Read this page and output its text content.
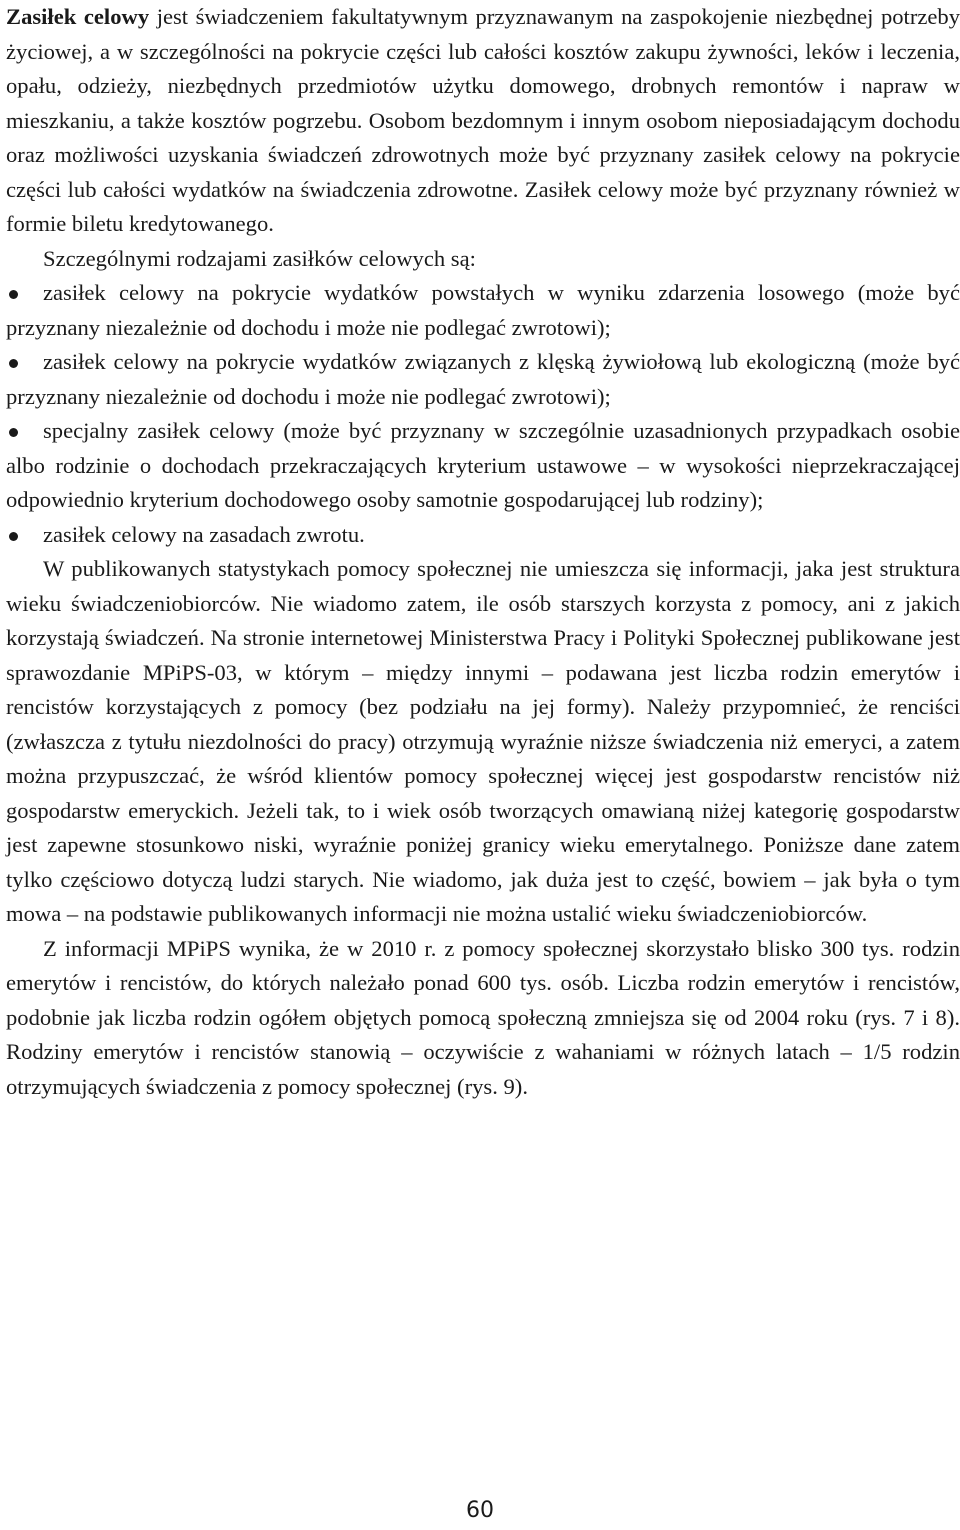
Zasiłek celowy jest świadczeniem fakultatywnym przyznawanym na zaspokojenie niezbędnej potrzeby życiowej, a w szczególności na pokrycie części lub całości kosztów zakupu żywności, leków i leczenia, opału, odzieży, niezbędnych przedmiotów użytku domowego, drobnych remontów i napraw w mieszkaniu, a także kosztów pogrzebu. Osobom bezdomnym i innym osobom nieposiadającym dochodu oraz możliwości uzyskania świadczeń zdrowotnych może być przyznany zasiłek celowy na pokrycie części lub całości wydatków na świadczenia zdrowotne. Zasiłek celowy może być przyznany również w formie biletu kredytowanego.

Szczególnymi rodzajami zasiłków celowych są:

zasiłek celowy na pokrycie wydatków powstałych w wyniku zdarzenia losowego (może być przyznany niezależnie od dochodu i może nie podlegać zwrotowi);
zasiłek celowy na pokrycie wydatków związanych z klęską żywiołową lub ekologiczną (może być przyznany niezależnie od dochodu i może nie podlegać zwrotowi);
specjalny zasiłek celowy (może być przyznany w szczególnie uzasadnionych przypadkach osobie albo rodzinie o dochodach przekraczających kryterium ustawowe – w wysokości nieprzekraczającej odpowiednio kryterium dochodowego osoby samotnie gospodarującej lub rodziny);
zasiłek celowy na zasadach zwrotu.

W publikowanych statystykach pomocy społecznej nie umieszcza się informacji, jaka jest struktura wieku świadczeniobiorców. Nie wiadomo zatem, ile osób starszych korzysta z pomocy, ani z jakich korzystają świadczeń. Na stronie internetowej Ministerstwa Pracy i Polityki Społecznej publikowane jest sprawozdanie MPiPS-03, w którym – między innymi – podawana jest liczba rodzin emerytów i rencistów korzystających z pomocy (bez podziału na jej formy). Należy przypomnieć, że renciści (zwłaszcza z tytułu niezdolności do pracy) otrzymują wyraźnie niższe świadczenia niż emeryci, a zatem można przypuszczać, że wśród klientów pomocy społecznej więcej jest gospodarstw rencistów niż gospodarstw emeryckich. Jeżeli tak, to i wiek osób tworzących omawianą niżej kategorię gospodarstw jest zapewne stosunkowo niski, wyraźnie poniżej granicy wieku emerytalnego. Poniższe dane zatem tylko częściowo dotyczą ludzi starych. Nie wiadomo, jak duża jest to część, bowiem – jak była o tym mowa – na podstawie publikowanych informacji nie można ustalić wieku świadczeniobiorców.

Z informacji MPiPS wynika, że w 2010 r. z pomocy społecznej skorzystało blisko 300 tys. rodzin emerytów i rencistów, do których należało ponad 600 tys. osób. Liczba rodzin emerytów i rencistów, podobnie jak liczba rodzin ogółem objętych pomocą społeczną zmniejsza się od 2004 roku (rys. 7 i 8). Rodziny emerytów i rencistów stanowią – oczywiście z wahaniami w różnych latach – 1/5 rodzin otrzymujących świadczenia z pomocy społecznej (rys. 9).

60
